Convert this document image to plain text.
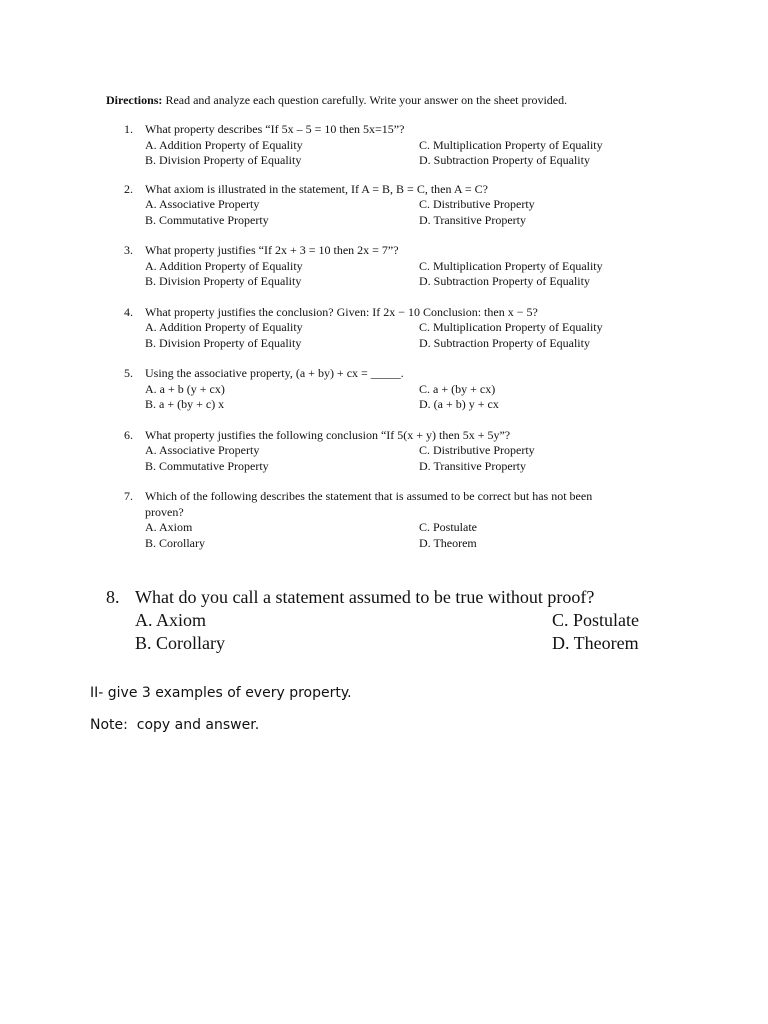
Directions: Read and analyze each question carefully. Write your answer on the sheet provided.
1.	What property describes “If 5x – 5 = 10 then 5x=15”?
A. Addition Property of Equality
B. Division Property of Equality
C. Multiplication Property of Equality
D. Subtraction Property of Equality
2.	What axiom is illustrated in the statement, If A = B, B = C, then A = C?
A. Associative Property
B. Commutative Property
C. Distributive Property
D. Transitive Property
3.	What property justifies “If 2x + 3 = 10 then 2x = 7”?
A. Addition Property of Equality
B. Division Property of Equality
C. Multiplication Property of Equality
D. Subtraction Property of Equality
4.	What property justifies the conclusion? Given: If 2x − 10 Conclusion: then x − 5?
A. Addition Property of Equality
B. Division Property of Equality
C. Multiplication Property of Equality
D. Subtraction Property of Equality
5.	Using the associative property, (a + by) + cx = _____.
A. a + b (y + cx)
B. a + (by + c) x
C. a + (by + cx)
D. (a + b) y + cx
6.	What property justifies the following conclusion “If 5(x + y) then 5x + 5y”?
A. Associative Property
B. Commutative Property
C. Distributive Property
D. Transitive Property
7.	Which of the following describes the statement that is assumed to be correct but has not been proven?
A. Axiom
B. Corollary
C. Postulate
D. Theorem
8. What do you call a statement assumed to be true without proof?
A. Axiom
B. Corollary
C. Postulate
D. Theorem
II- give 3 examples of every property.
Note:  copy and answer.
